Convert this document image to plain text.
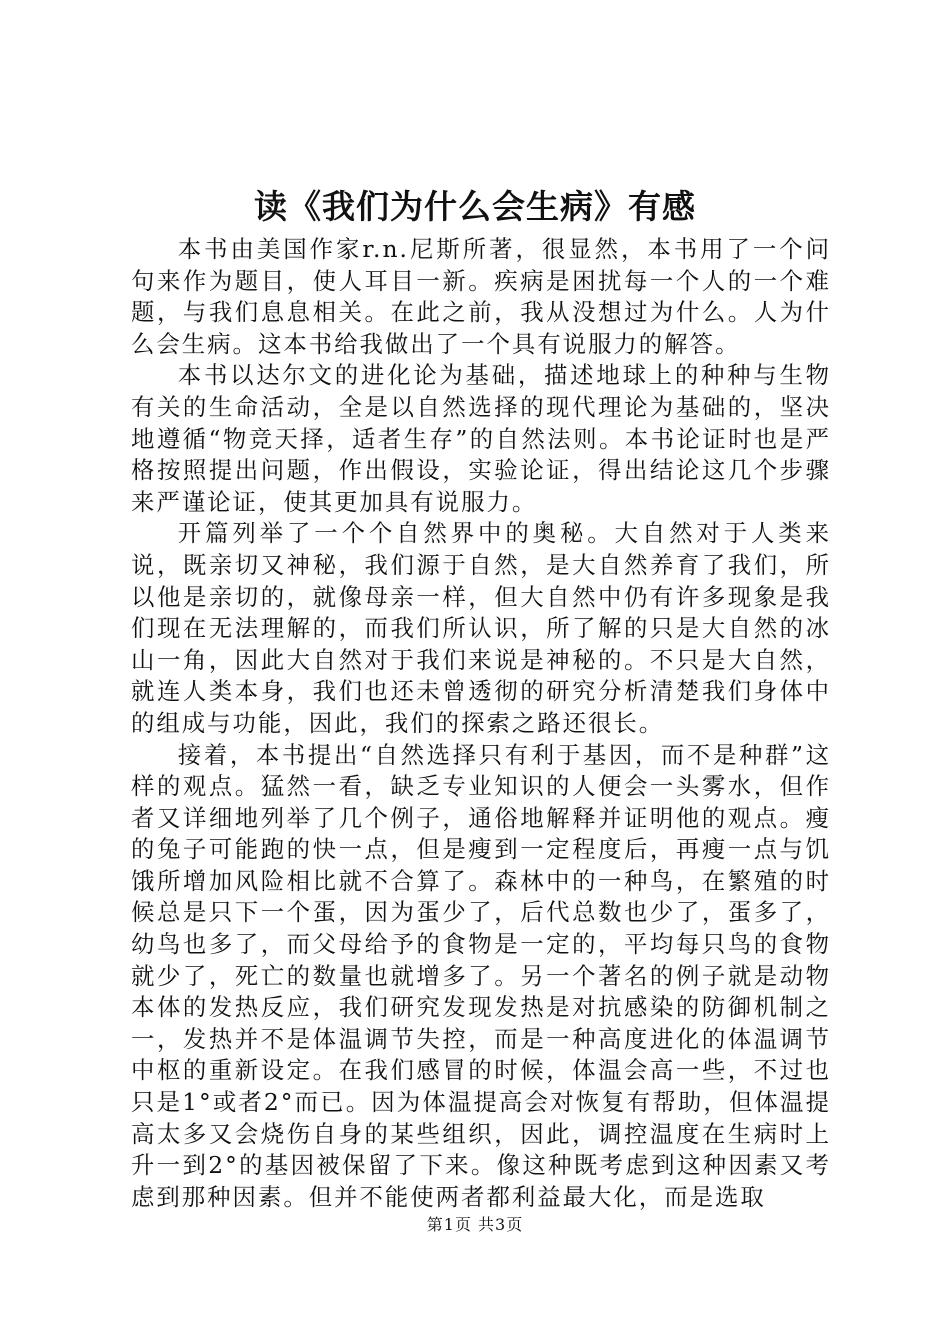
读《我们为什么会生病》有感

本书由美国作家r.n.尼斯所著，很显然，本书用了一个问句来作为题目，使人耳目一新。疾病是困扰每一个人的一个难题，与我们息息相关。在此之前，我从没想过为什么。人为什么会生病。这本书给我做出了一个具有说服力的解答。

本书以达尔文的进化论为基础，描述地球上的种种与生物有关的生命活动，全是以自然选择的现代理论为基础的，坚决地遵循“物竞天择，适者生存”的自然法则。本书论证时也是严格按照提出问题，作出假设，实验论证，得出结论这几个步骤来严谨论证，使其更加具有说服力。

开篇列举了一个个自然界中的奥秘。大自然对于人类来说，既亲切又神秘，我们源于自然，是大自然养育了我们，所以他是亲切的，就像母亲一样，但大自然中仍有许多现象是我们现在无法理解的，而我们所认识，所了解的只是大自然的冰山一角，因此大自然对于我们来说是神秘的。不只是大自然，就连人类本身，我们也还未曾透彻的研究分析清楚我们身体中的组成与功能，因此，我们的探索之路还很长。

接着，本书提出“自然选择只有利于基因，而不是种群”这样的观点。猛然一看，缺乏专业知识的人便会一头雾水，但作者又详细地列举了几个例子，通俗地解释并证明他的观点。瘦的兔子可能跑的快一点，但是瘦到一定程度后，再瘦一点与饥饿所增加风险相比就不合算了。森林中的一种鸟，在繁殖的时候总是只下一个蛋，因为蛋少了，后代总数也少了，蛋多了，幼鸟也多了，而父母给予的食物是一定的，平均每只鸟的食物就少了，死亡的数量也就增多了。另一个著名的例子就是动物本体的发热反应，我们研究发现发热是对抗感染的防御机制之一，发热并不是体温调节失控，而是一种高度进化的体温调节中枢的重新设定。在我们感冒的时候，体温会高一些，不过也只是1°或者2°而已。因为体温提高会对恢复有帮助，但体温提高太多又会烧伤自身的某些组织，因此，调控温度在生病时上升一到2°的基因被保留了下来。像这种既考虑到这种因素又考虑到那种因素。但并不能使两者都利益最大化，而是选取

第1页 共3页
